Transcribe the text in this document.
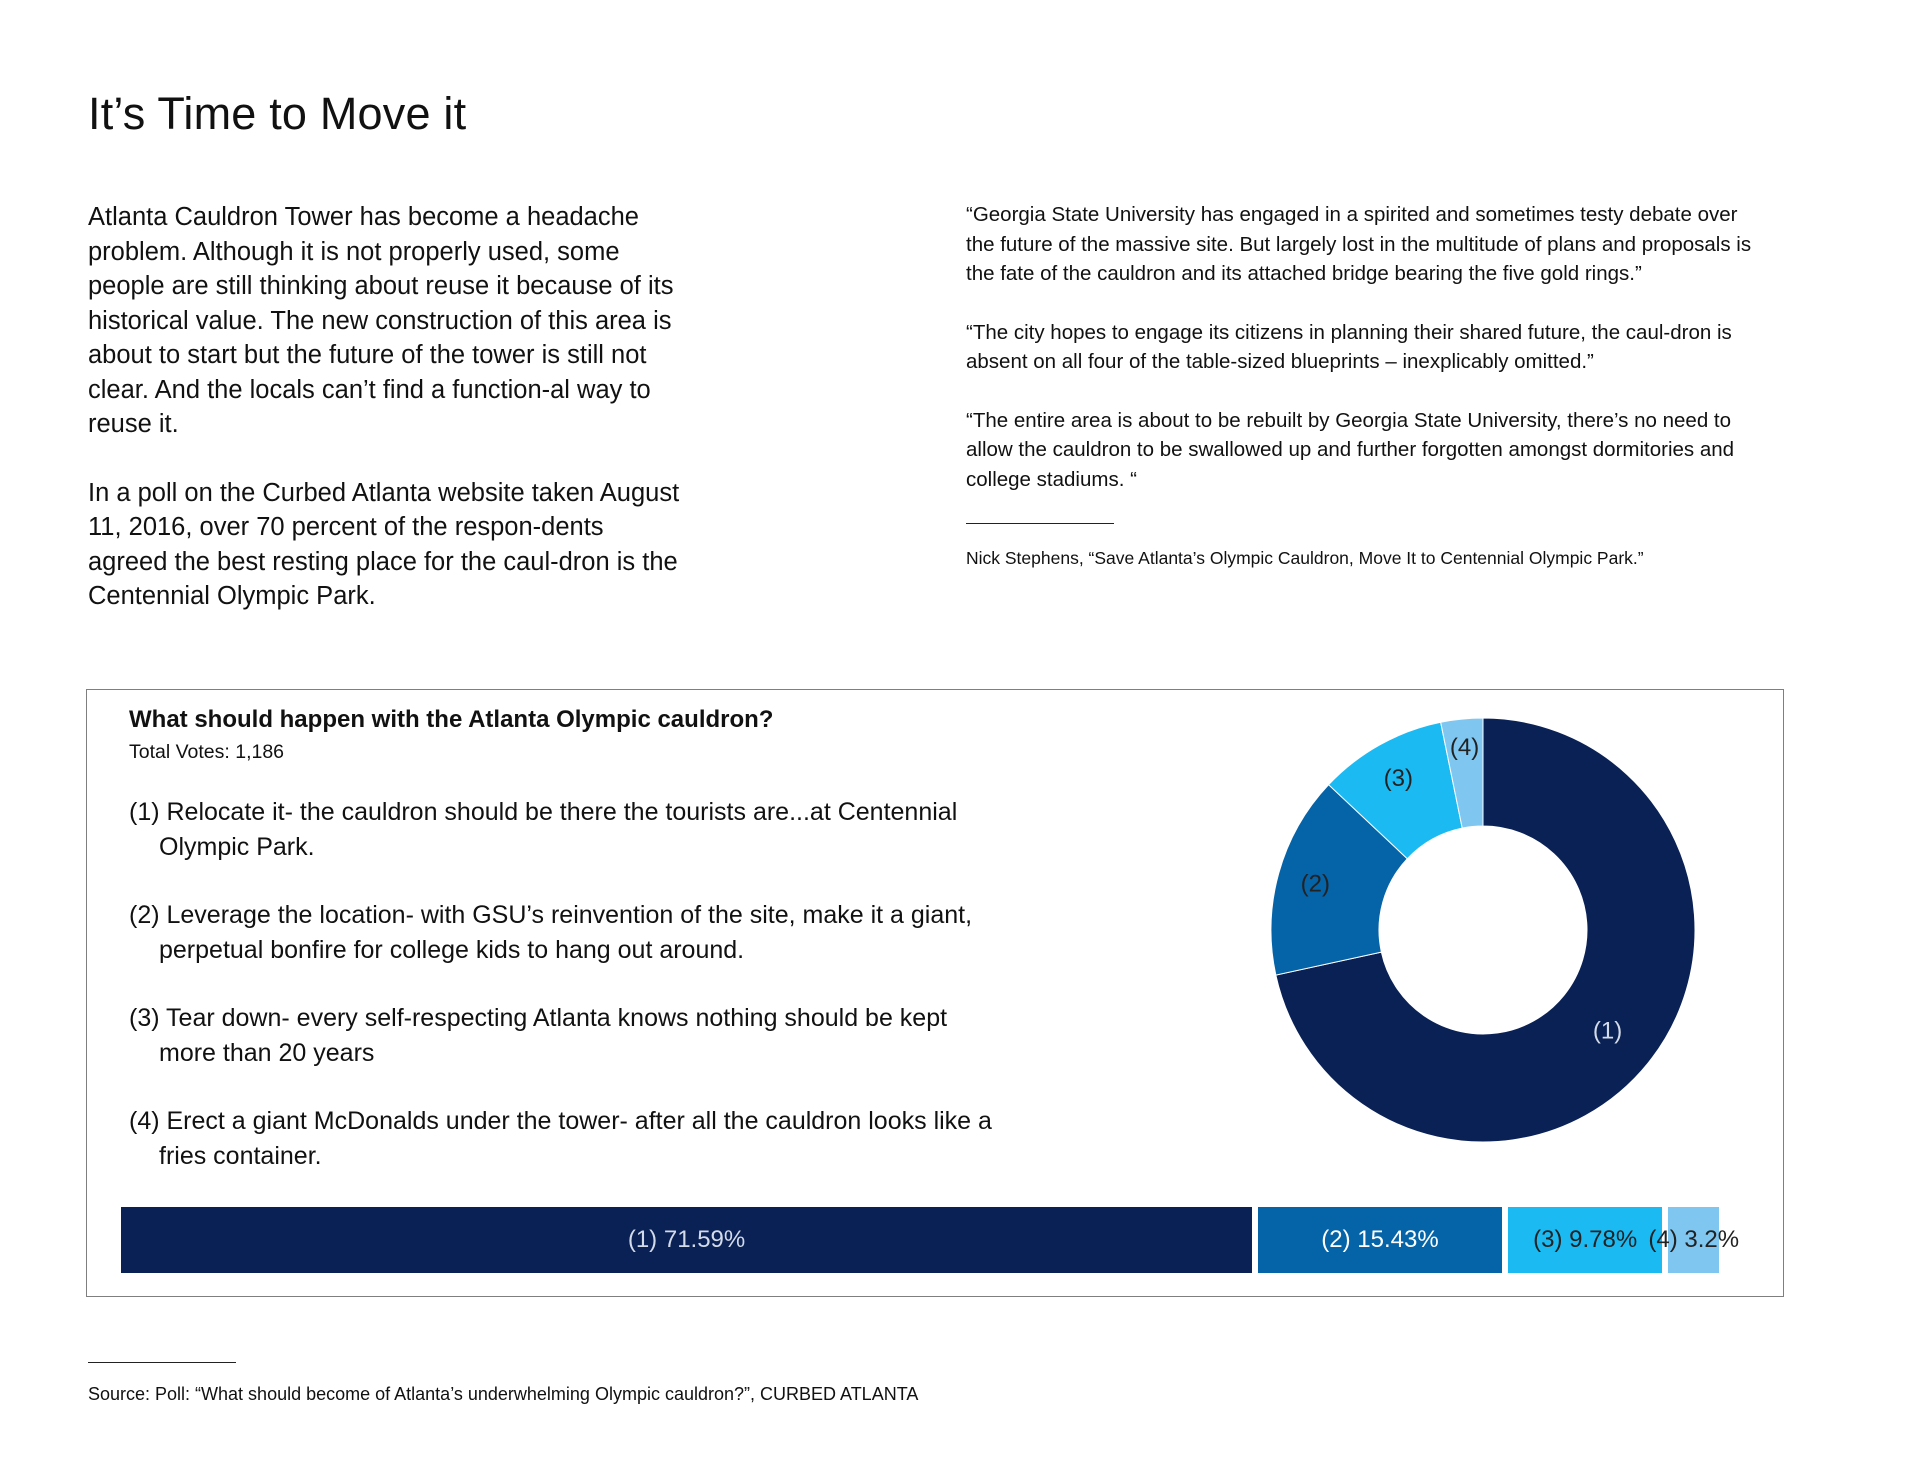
It’s Time to Move it

Atlanta Cauldron Tower has become a headache problem. Although it is not properly used, some people are still thinking about reuse it because of its historical value. The new construction of this area is about to start but the future of the tower is still not clear. And the locals can’t find a function-al way to reuse it.

In a poll on the Curbed Atlanta website taken August 11, 2016, over 70 percent of the respon-dents agreed the best resting place for the caul-dron is the Centennial Olympic Park.

“Georgia State University has engaged in a spirited and sometimes testy debate over the future of the massive site. But largely lost in the multitude of plans and proposals is the fate of the cauldron and its attached bridge bearing the five gold rings.”

“The city hopes to engage its citizens in planning their shared future, the caul-dron is absent on all four of the table-sized blueprints – inexplicably omitted.”

“The entire area is about to be rebuilt by Georgia State University, there’s no need to allow the cauldron to be swallowed up and further forgotten amongst dormitories and college stadiums. “

Nick Stephens, “Save Atlanta’s Olympic Cauldron, Move It to Centennial Olympic Park.”

What should happen with the Atlanta Olympic cauldron?
Total Votes: 1,186

(1) Relocate it- the cauldron should be there the tourists are...at Centennial Olympic Park.

(2) Leverage the location- with GSU’s reinvention of the site, make it a giant, perpetual bonfire for college kids to hang out around.

(3) Tear down- every self-respecting Atlanta knows nothing should be kept more than 20 years

(4) Erect a giant McDonalds under the tower- after all the cauldron looks like a fries container.

(1)
(2)
(3)
(4)
(1) 71.59%	(2) 15.43%	(3) 9.78% (4) 3.2%
Source: Poll: “What should become of Atlanta’s underwhelming Olympic cauldron?”, CURBED ATLANTA
